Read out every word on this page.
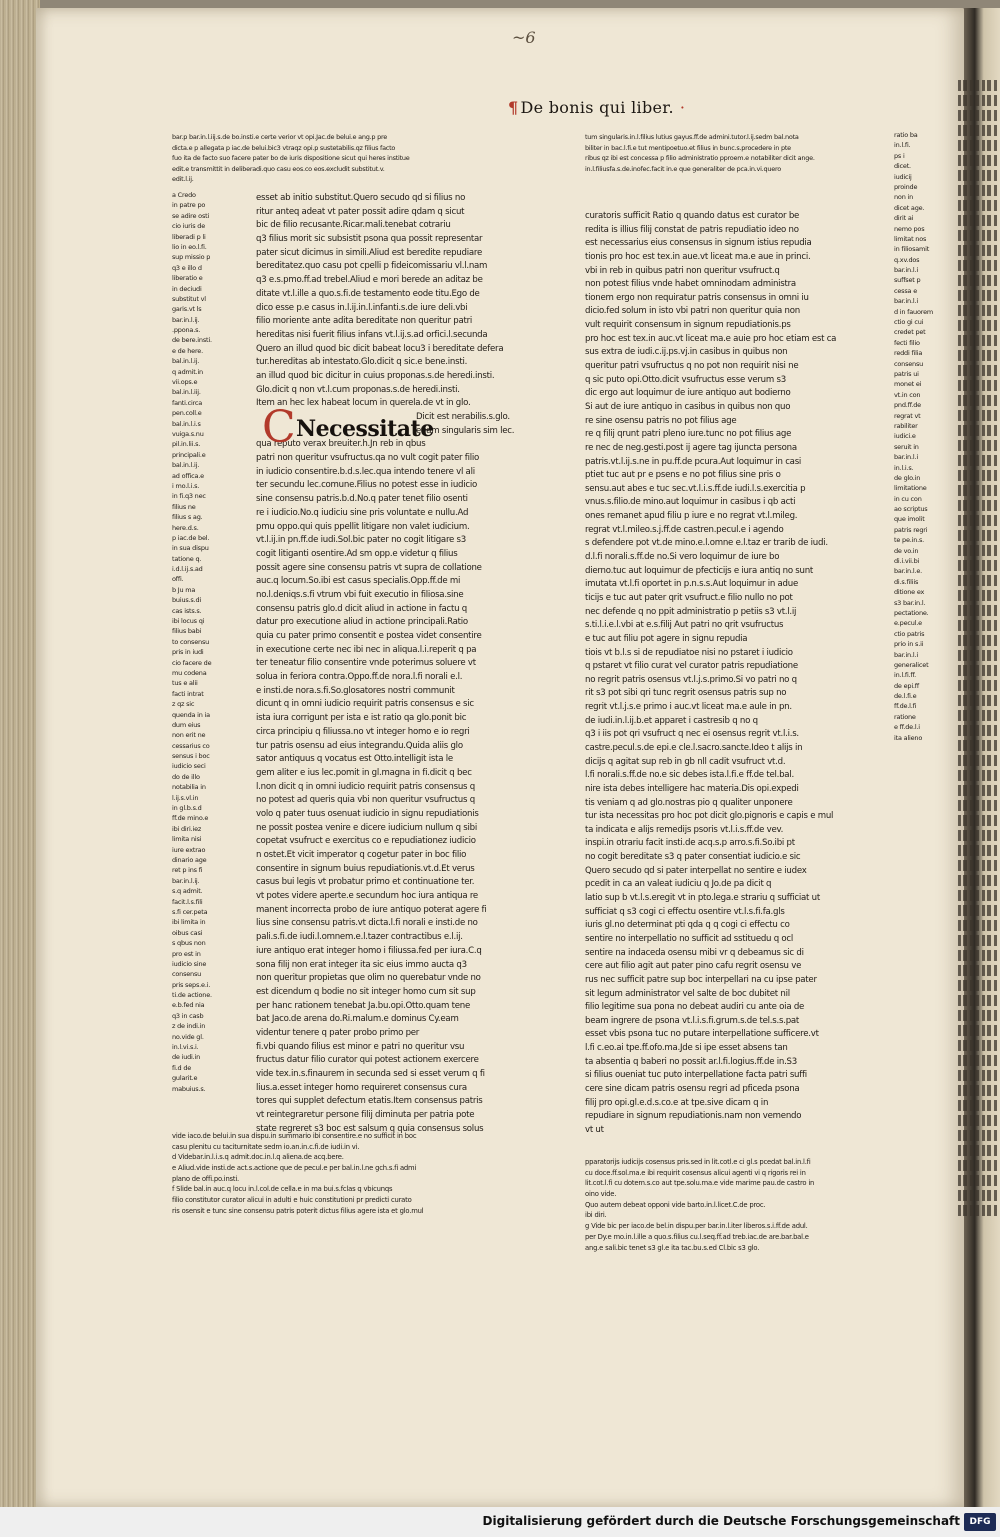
~6
¶ De bonis qui liber. ·
bar.p bar.in.l.iij.s.de bo.insti.e certe verior vt opi.Jac.de belui.e ang.p pre
dicta.e p allegata p iac.de belui.bic3 vtraqz opi.p sustetabilis.qz filius facto
fuo ita de facto suo facere pater bo de iuris dispositione sicut qui heres institue
edit.e transmittit in deliberadi.quo casu eos.co eos.excludit substitut.v.
edit.l.ij.
a Credo
in patre po
se adire osti
cio iuris de
liberadi p li
lio in eo.l.fi.
sup missio p
q3 e illo d
liberatio e
in deciudi
substitut vl
garis.vt ls
bar.in.l.ij.
.ppona.s.
de bere.insti.
e de here.
bal.in.l.ij.
q admit.in
vii.ops.e
bal.in.l.iij.
fanti.circa
pen.coll.e
bal.in.l.i.s
vuiga.s.nu
pil.in.lii.s.
principali.e
bal.in.l.ij.
ad offica.e
i mo.l.i.s.
in fi.q3 nec
filius ne
filius s ag.
here.d.s.
p iac.de bel.
in sua dispu
tatione q.
i.d.l.ij.s.ad
offi.
b Ju ma
buius.s.di
cas ists.s.
ibi locus qi
filius babi
to consensu
pris in iudi
cio facere de
mu codena
tus e alii
facti intrat
z qz sic
quenda in ia
dum eius
non erit ne
cessarius co
sensus i boc
iudicio seci
do de illo
notabilia in
l.ij.s.vl.in
in gl.b.s.d
ff.de mino.e
ibi diri.iez
limita nisi
iure extrao
dinario age
ret p ins fi
bar.in.l.ij.
s.q admit.
facit.l.s.fili
s.fi cer.peta
ibi limita in
oibus casi
s qbus non
pro est in
iudicio sine
consensu
pris seps.e.i.
ti.de actione.
e.b.fed nia
q3 in casb
z de indi.in
no.vide gl.
in.l.vi.s.i.
de iudi.in
fi.d de
gularit.e
mabuius.s.
esset ab initio substitut.Quero secudo qd si filius no
ritur anteq adeat vt pater possit adire qdam q sicut
bic de filio recusante.Ricar.mali.tenebat cotrariu
q3 filius morit sic subsistit psona qua possit representar
pater sicut dicimus in simili.Aliud est beredite repudiare
bereditatez.quo casu pot cpelli p fideicomissariu vl.l.nam
q3 e.s.pmo.ff.ad trebel.Aliud e mori berede an aditaz be
ditate vt.l.ille a quo.s.fi.de testamento eode titu.Ego de
dico esse p.e casus in.l.ij.in.l.infanti.s.de iure deli.vbi
filio moriente ante adita bereditate non queritur patri
hereditas nisi fuerit filius infans vt.l.ij.s.ad orfici.l.secunda
Quero an illud quod bic dicit babeat locu3 i bereditate defera
tur.hereditas ab intestato.Glo.dicit q sic.e bene.insti.
an illud quod bic dicitur in cuius proponas.s.de heredi.insti.
Glo.dicit q non vt.l.cum proponas.s.de heredi.insti.
Item an hec lex habeat locum in querela.de vt in glo.
Dicit est nerabilis.s.glo.
etiam singularis sim lec.
qua reputo verax breuiter.h.Jn reb in qbus
patri non queritur vsufructus.qa no vult cogit pater filio
in iudicio consentire.b.d.s.lec.qua intendo tenere vl ali
ter secundu lec.comune.Filius no potest esse in iudicio
sine consensu patris.b.d.No.q pater tenet filio osenti
re i iudicio.No.q iudiciu sine pris voluntate e nullu.Ad
pmu oppo.qui quis ppellit litigare non valet iudicium.
vt.l.ij.in pn.ff.de iudi.Sol.bic pater no cogit litigare s3
cogit litiganti osentire.Ad sm opp.e videtur q filius
possit agere sine consensu patris vt supra de collatione
auc.q locum.So.ibi est casus specialis.Opp.ff.de mi
no.l.deniqs.s.fi vtrum vbi fuit executio in filiosa.sine
consensu patris glo.d dicit aliud in actione in factu q
datur pro executione aliud in actione principali.Ratio
quia cu pater primo consentit e postea videt consentire
in executione certe nec ibi nec in aliqua.l.i.reperit q pa
ter teneatur filio consentire vnde poterimus soluere vt
solua in feriora contra.Oppo.ff.de nora.l.fi norali e.l.
e insti.de nora.s.fi.So.glosatores nostri communit
dicunt q in omni iudicio requirit patris consensus e sic
ista iura corrigunt per ista e ist ratio qa glo.ponit bic
circa principiu q filiussa.no vt integer homo e io regri
tur patris osensu ad eius integrandu.Quida aliis glo
sator antiquus q vocatus est Otto.intelligit ista le
gem aliter e ius lec.pomit in gl.magna in fi.dicit q bec
l.non dicit q in omni iudicio requirit patris consensus q
no potest ad queris quia vbi non queritur vsufructus q
volo q pater tuus osenuat iudicio in signu repudiationis
ne possit postea venire e dicere iudicium nullum q sibi
copetat vsufruct e exercitus co e repudiationez iudicio
n ostet.Et vicit imperator q cogetur pater in boc filio
consentire in signum buius repudiationis.vt.d.Et verus
casus bui legis vt probatur primo et continuatione ter.
vt potes videre aperte.e secundum hoc iura antiqua re
manent incorrecta probo de iure antiquo poterat agere fi
lius sine consensu patris.vt dicta.l.fi norali e insti.de no
pali.s.fi.de iudi.l.omnem.e.l.tazer contractibus e.l.ij.
iure antiquo erat integer homo i filiussa.fed per iura.C.q
sona filij non erat integer ita sic eius immo aucta q3
non queritur propietas que olim no querebatur vnde no
est dicendum q bodie no sit integer homo cum sit sup
per hanc rationem tenebat Ja.bu.opi.Otto.quam tene
bat Jaco.de arena do.Ri.malum.e dominus Cy.eam
videntur tenere q pater probo primo per
fi.vbi quando filius est minor e patri no queritur vsu
fructus datur filio curator qui potest actionem exercere
vide tex.in.s.finaurem in secunda sed si esset verum q fi
lius.a.esset integer homo requireret consensus cura
tores qui supplet defectum etatis.Item consensus patris
vt reintegraretur persone filij diminuta per patria pote
state regreret s3 boc est salsum q quia consensus solus
C Necessitate
tum singularis.in.l.filius lutius gayus.ff.de admini.tutor.l.ij.sedm bal.nota
biliter in bac.l.fi.e tut mentipoetuo.et filius in bunc.s.procedere in pte
ribus qz ibi est concessa p filio administratio pproem.e notabiliter dicit ange.
in.l.filiusfa.s.de.inofec.facit in.e que generaliter de pca.in.vi.quero
curatoris sufficit Ratio q quando datus est curator be
redita is illius filij constat de patris repudiatio ideo no
est necessarius eius consensus in signum istius repudia
tionis pro hoc est tex.in aue.vt liceat ma.e aue in princi.
vbi in reb in quibus patri non queritur vsufruct.q
non potest filius vnde habet omninodam administra
tionem ergo non requiratur patris consensus in omni iu
dicio.fed solum in isto vbi patri non queritur quia non
vult requirit consensum in signum repudiationis.ps
pro hoc est tex.in auc.vt liceat ma.e auie pro hoc etiam est ca
sus extra de iudi.c.ij.ps.vj.in casibus in quibus non
queritur patri vsufructus q no pot non requirit nisi ne
q sic puto opi.Otto.dicit vsufructus esse verum s3
dic ergo aut loquimur de iure antiquo aut bodierno
Si aut de iure antiquo in casibus in quibus non quo
re sine osensu patris no pot filius age
re q filij qrunt patri pleno iure.tunc no pot filius age
re nec de neg.gesti.post ij agere tag ijuncta persona
patris.vt.l.ij.s.ne in pu.ff.de pcura.Aut loquimur in casi
ptiet tuc aut pr e psens e no pot filius sine pris o
sensu.aut abes e tuc sec.vt.l.i.s.ff.de iudi.l.s.exercitia p
vnus.s.filio.de mino.aut loquimur in casibus i qb acti
ones remanet apud filiu p iure e no regrat vt.l.mileg.
regrat vt.l.mileo.s.j.ff.de castren.pecul.e i agendo
s defendere pot vt.de mino.e.l.omne e.l.taz er trarib de iudi.
d.l.fi norali.s.ff.de no.Si vero loquimur de iure bo
dierno.tuc aut loquimur de pfecticijs e iura antiq no sunt
imutata vt.l.fi oportet in p.n.s.s.Aut loquimur in adue
ticijs e tuc aut pater qrit vsufruct.e filio nullo no pot
nec defende q no ppit administratio p petiis s3 vt.l.ij
s.ti.l.i.e.l.vbi at e.s.filij Aut patri no qrit vsufructus
e tuc aut filiu pot agere in signu repudia
tiois vt b.l.s si de repudiatoe nisi no pstaret i iudicio
q pstaret vt filio curat vel curator patris repudiatione
no regrit patris osensus vt.l.j.s.primo.Si vo patri no q
rit s3 pot sibi qri tunc regrit osensus patris sup no
regrit vt.l.j.s.e primo i auc.vt liceat ma.e aule in pn.
de iudi.in.l.ij.b.et apparet i castresib q no q
q3 i iis pot qri vsufruct q nec ei osensus regrit vt.l.i.s.
castre.pecul.s.de epi.e cle.l.sacro.sancte.Ideo t alijs in
dicijs q agitat sup reb in gb nll cadit vsufruct vt.d.
l.fi norali.s.ff.de no.e sic debes ista.l.fi.e ff.de tel.bal.
nire ista debes intelligere hac materia.Dis opi.expedi
tis veniam q ad glo.nostras pio q qualiter unponere
tur ista necessitas pro hoc pot dicit glo.pignoris e capis e mul
ta indicata e alijs remedijs psoris vt.l.i.s.ff.de vev.
inspi.in otrariu facit insti.de acq.s.p arro.s.fi.So.ibi pt
no cogit bereditate s3 q pater consentiat iudicio.e sic
Quero secudo qd si pater interpellat no sentire e iudex
pcedit in ca an valeat iudiciu q Jo.de pa dicit q
latio sup b vt.l.s.eregit vt in pto.lega.e strariu q sufficiat ut
sufficiat q s3 cogi ci effectu osentire vt.l.s.fi.fa.gls
iuris gl.no determinat pti qda q q cogi ci effectu co
sentire no interpellatio no sufficit ad sstituedu q ocl
sentire na indaceda osensu mibi vr q debeamus sic di
cere aut filio agit aut pater pino cafu regrit osensu ve
rus nec sufficit patre sup boc interpellari na cu ipse pater
sit legum administrator vel salte de boc dubitet nil
filio legitime sua pona no debeat audiri cu ante oia de
beam ingrere de psona vt.l.i.s.fi.grum.s.de tel.s.s.pat
esset vbis psona tuc no putare interpellatione sufficere.vt
l.fi c.eo.ai tpe.ff.ofo.ma.Jde si ipe esset absens tan
ta absentia q baberi no possit ar.l.fi.logius.ff.de in.S3
si filius oueniat tuc puto interpellatione facta patri suffi
cere sine dicam patris osensu regri ad pficeda psona
filij pro opi.gl.e.d.s.co.e at tpe.sive dicam q in
repudiare in signum repudiationis.nam non vemendo
vt ut
ratio ba
in.l.fi.
ps i
dicet.
iudicij
proinde
non in
dicet age.
dirit ai
nemo pos
limitat nos
in filiosamit
q.xv.dos
bar.in.l.i
suffset p
cessa e
bar.in.l.i
d in fauorem
ctio gi cui
credet pet
fecti filio
reddi filia
consensu
patris ui
monet ei
vt.in con
pnd.ff.de
regrat vt
rabiliter
iudici.e
seruit in
bar.in.l.i
in.l.i.s.
de glo.in
limitatione
in cu con
ao scriptus
que imolit
patris regri
te pe.in.s.
de vo.in
di.i.vii.bi
bar.in.l.e.
di.s.filiis
ditione ex
s3 bar.in.l.
pectatione.
e.pecul.e
ctio patris
prio in s.ii
bar.in.l.i
generalicet
in.l.fi.ff.
de epi.ff
de.l.fi.e
ff.de.l.fi
ratione
e ff.de.l.i
ita alieno
vide iaco.de belui.in sua dispu.in summario ibi consentire.e no sufficit in boc
casu plenitu cu taciturnitate sedm io.an.in.c.fi.de iudi.in vi.
d Videbar.in.l.i.s.q admit.doc.in.l.q aliena.de acq.bere.
e Aliud.vide insti.de act.s.actione que de pecul.e per bal.in.l.ne gch.s.fi admi
plano de offi.po.insti.
f Slide bal.in auc.q locu in.l.col.de cella.e in ma bui.s.fclas q vbicunqs
filio constitutor curator alicui in adulti e huic constitutioni pr predicti curato
ris osensit e tunc sine consensu patris poterit dictus filius agere ista et glo.mul
pparatorijs iudicijs cosensus pris.sed in lit.cotl.e ci gl.s pcedat bal.in.l.fi
cu doce.ff.sol.ma.e ibi requirit cosensus alicui agenti vi q rigoris rei in
lit.cot.l.fi cu dotem.s.co aut tpe.solu.ma.e vide marime pau.de castro in
oino vide.
Quo autem debeat opponi vide barto.in.l.licet.C.de proc.
ibi diri.
g Vide bic per iaco.de bel.in dispu.per bar.in.l.iter liberos.s.i.ff.de adul.
per Dy.e mo.in.l.ille a quo.s.filius cu.l.seq.ff.ad treb.iac.de are.bar.bal.e
ang.e sali.bic tenet s3 gl.e ita tac.bu.s.ed Cl.bic s3 glo.
Digitalisierung gefördert durch die Deutsche Forschungsgemeinschaft	DFG
